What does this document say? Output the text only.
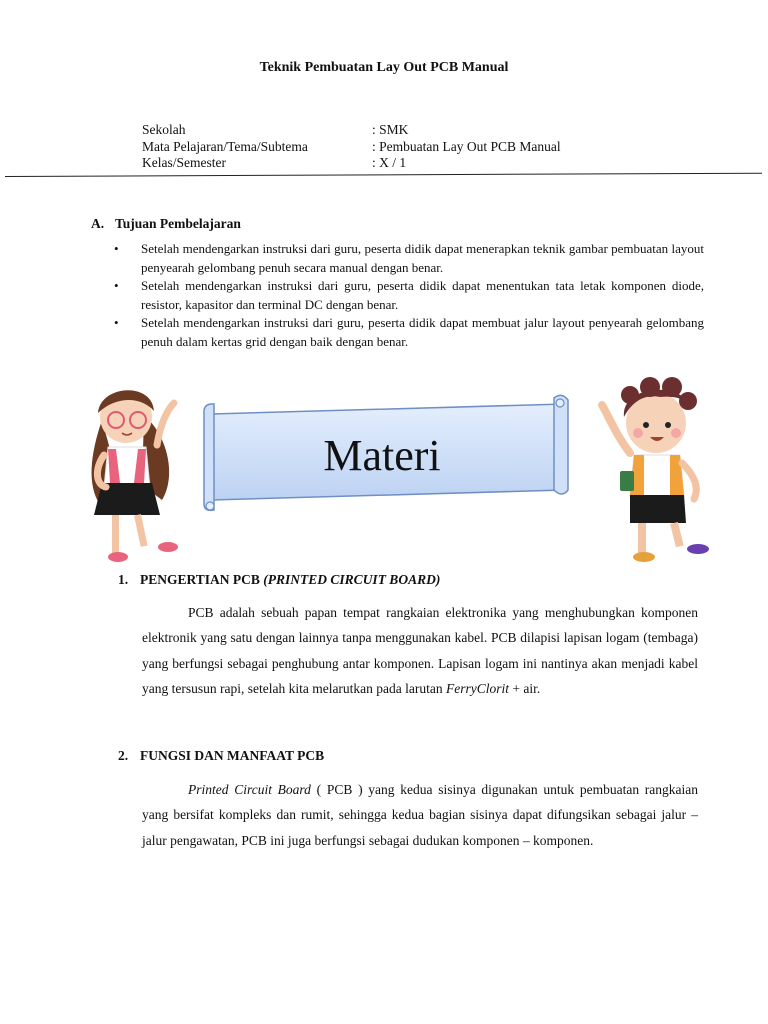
Teknik Pembuatan Lay Out PCB Manual
Sekolah	: SMK
Mata Pelajaran/Tema/Subtema	: Pembuatan Lay Out PCB Manual
Kelas/Semester	: X / 1
A. Tujuan Pembelajaran
•	Setelah mendengarkan instruksi dari guru, peserta didik dapat menerapkan teknik gambar pembuatan layout penyearah gelombang penuh secara manual dengan benar.
•	Setelah mendengarkan instruksi dari guru, peserta didik dapat menentukan tata letak komponen diode, resistor, kapasitor dan terminal DC dengan benar.
•	Setelah mendengarkan instruksi dari guru, peserta didik dapat membuat jalur layout penyearah gelombang penuh dalam kertas grid dengan baik dengan benar.
Materi
1. PENGERTIAN PCB (PRINTED CIRCUIT BOARD)
PCB adalah sebuah papan tempat rangkaian elektronika yang menghubungkan komponen elektronik yang satu dengan lainnya tanpa menggunakan kabel. PCB dilapisi lapisan logam (tembaga) yang berfungsi sebagai penghubung antar komponen. Lapisan logam ini nantinya akan menjadi kabel yang tersusun rapi, setelah kita melarutkan pada larutan FerryClorit + air.
2. FUNGSI DAN MANFAAT PCB
Printed Circuit Board ( PCB ) yang kedua sisinya digunakan untuk pembuatan rangkaian yang bersifat kompleks dan rumit, sehingga kedua bagian sisinya dapat difungsikan sebagai jalur – jalur pengawatan, PCB ini juga berfungsi sebagai dudukan komponen – komponen.
